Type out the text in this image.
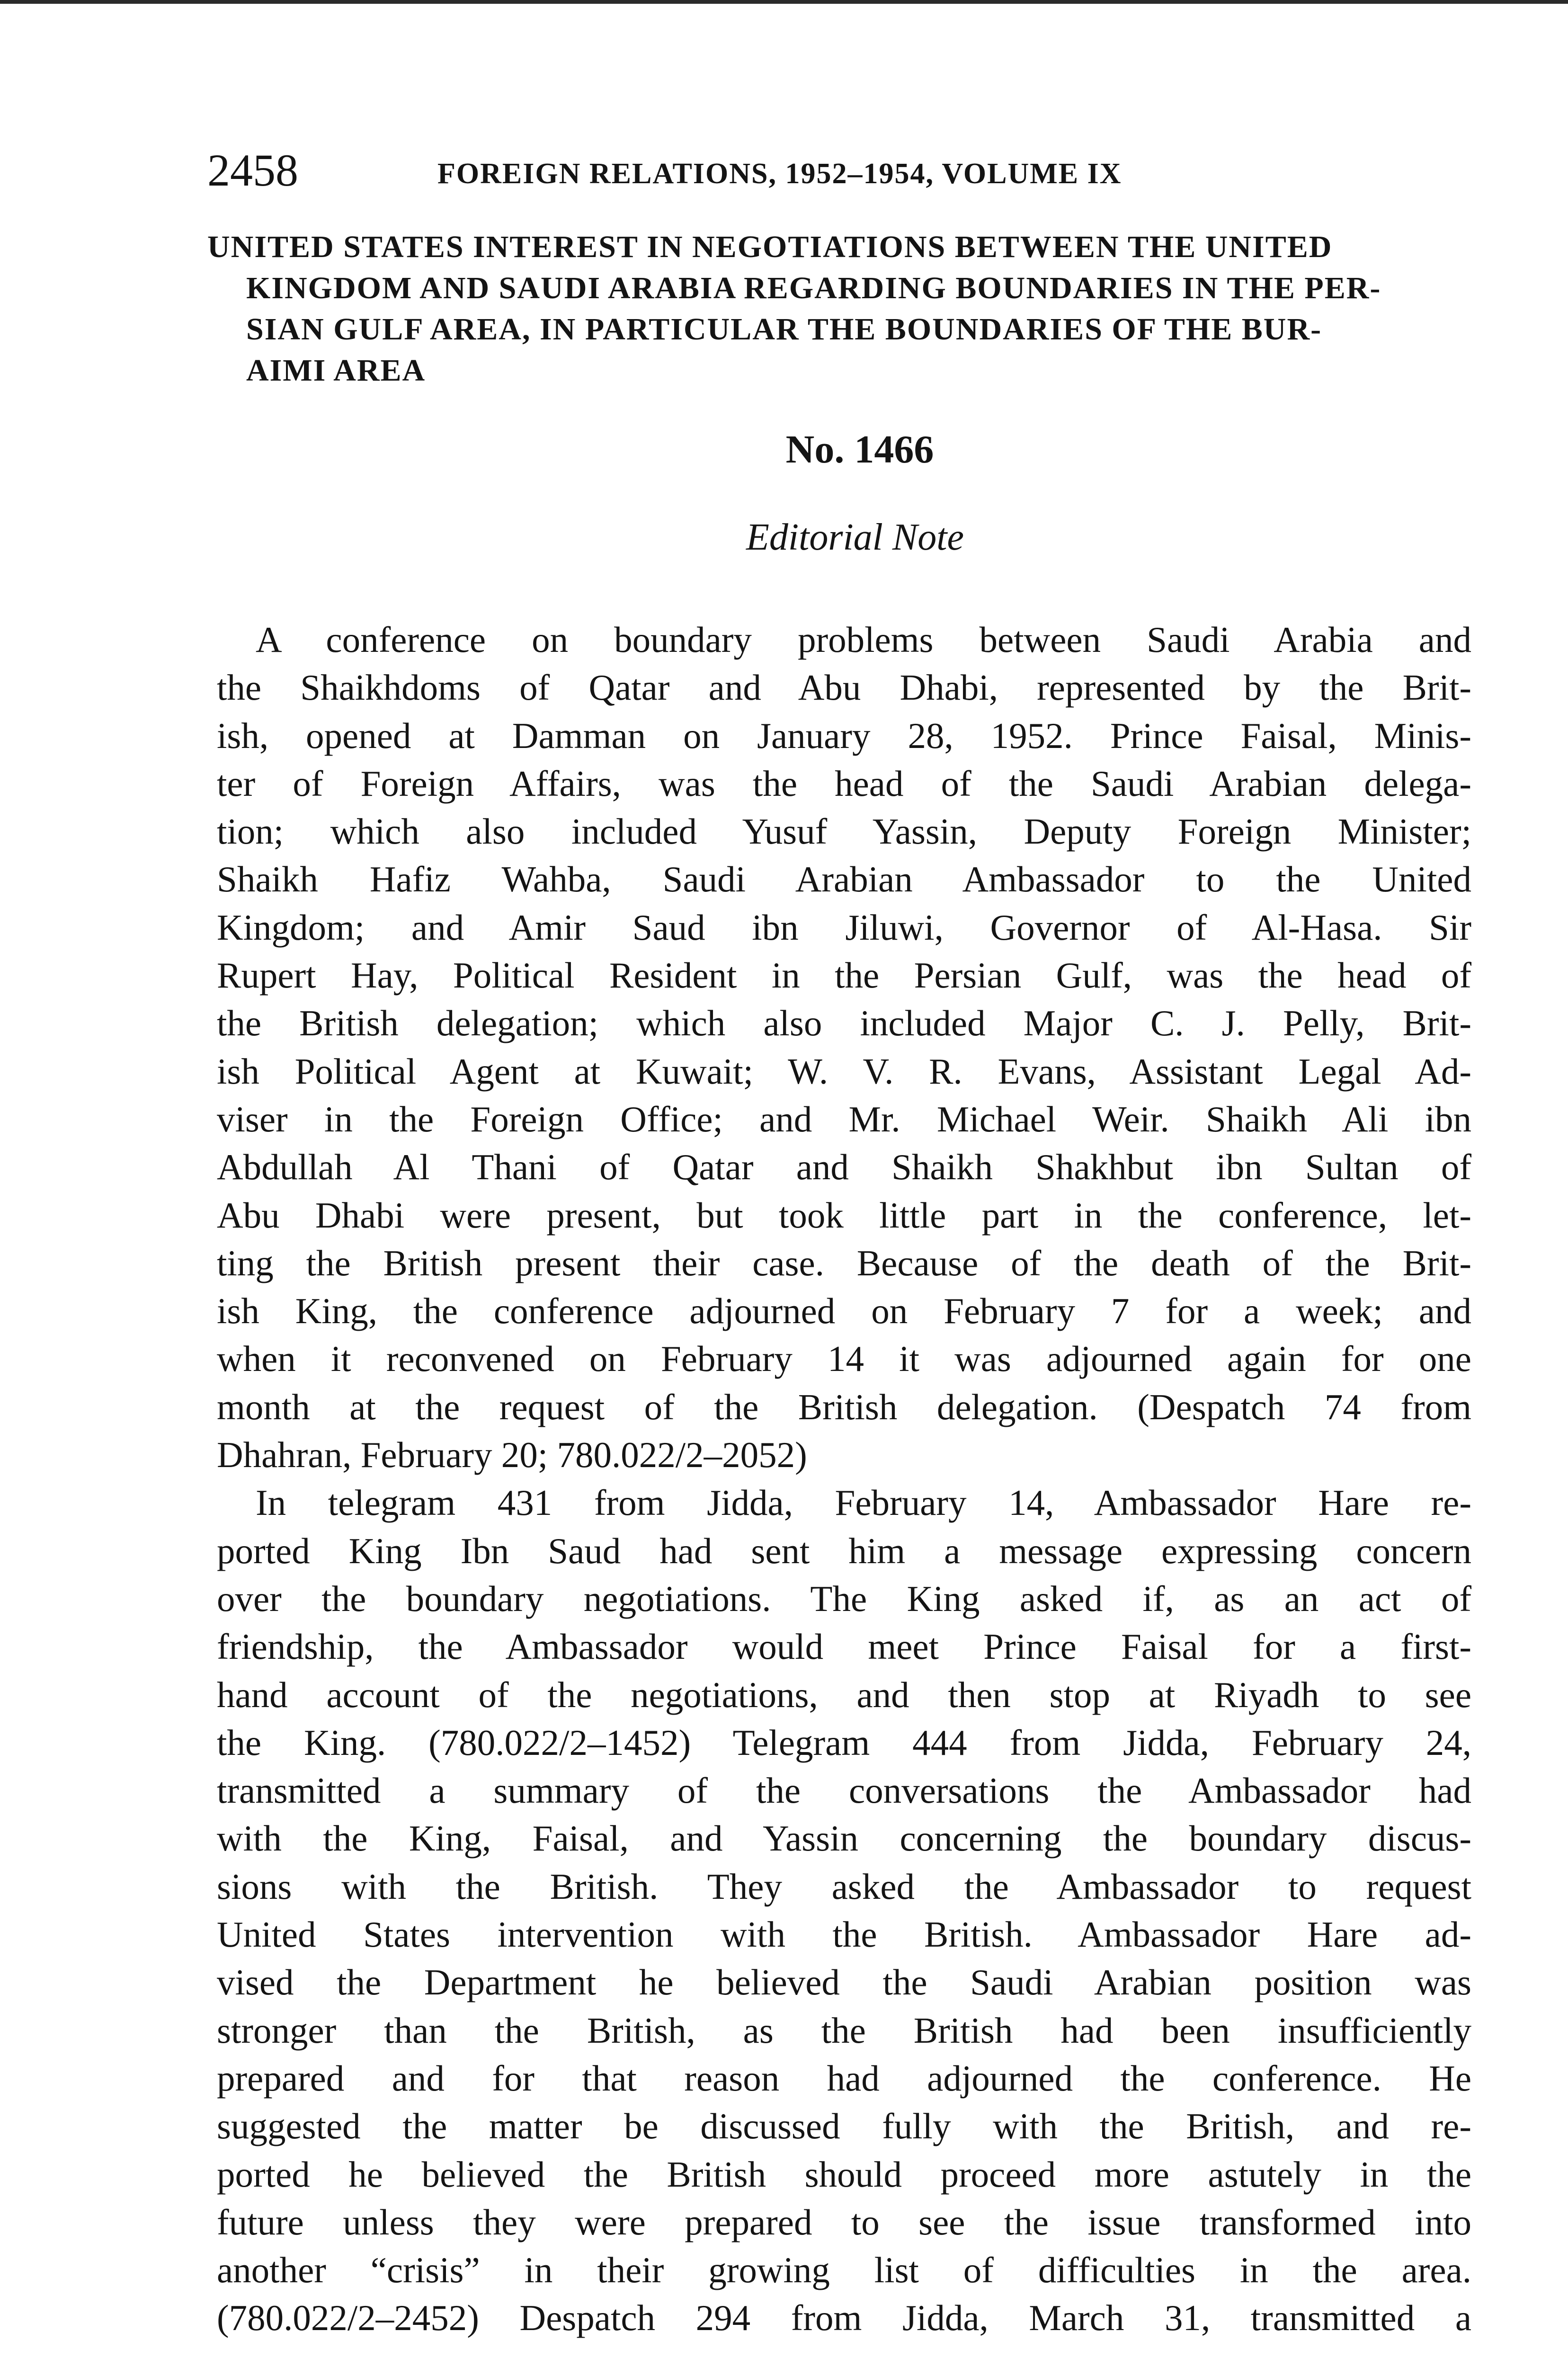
2458	FOREIGN RELATIONS, 1952–1954, VOLUME IX
UNITED STATES INTEREST IN NEGOTIATIONS BETWEEN THE UNITED
KINGDOM AND SAUDI ARABIA REGARDING BOUNDARIES IN THE PER-
SIAN GULF AREA, IN PARTICULAR THE BOUNDARIES OF THE BUR-
AIMI AREA
No. 1466
Editorial Note
A conference on boundary problems between Saudi Arabia and
the Shaikhdoms of Qatar and Abu Dhabi, represented by the Brit-
ish, opened at Damman on January 28, 1952. Prince Faisal, Minis-
ter of Foreign Affairs, was the head of the Saudi Arabian delega-
tion; which also included Yusuf Yassin, Deputy Foreign Minister;
Shaikh Hafiz Wahba, Saudi Arabian Ambassador to the United
Kingdom; and Amir Saud ibn Jiluwi, Governor of Al-Hasa. Sir
Rupert Hay, Political Resident in the Persian Gulf, was the head of
the British delegation; which also included Major C. J. Pelly, Brit-
ish Political Agent at Kuwait; W. V. R. Evans, Assistant Legal Ad-
viser in the Foreign Office; and Mr. Michael Weir. Shaikh Ali ibn
Abdullah Al Thani of Qatar and Shaikh Shakhbut ibn Sultan of
Abu Dhabi were present, but took little part in the conference, let-
ting the British present their case. Because of the death of the Brit-
ish King, the conference adjourned on February 7 for a week; and
when it reconvened on February 14 it was adjourned again for one
month at the request of the British delegation. (Despatch 74 from
Dhahran, February 20; 780.022/2–2052)
In telegram 431 from Jidda, February 14, Ambassador Hare re-
ported King Ibn Saud had sent him a message expressing concern
over the boundary negotiations. The King asked if, as an act of
friendship, the Ambassador would meet Prince Faisal for a first-
hand account of the negotiations, and then stop at Riyadh to see
the King. (780.022/2–1452) Telegram 444 from Jidda, February 24,
transmitted a summary of the conversations the Ambassador had
with the King, Faisal, and Yassin concerning the boundary discus-
sions with the British. They asked the Ambassador to request
United States intervention with the British. Ambassador Hare ad-
vised the Department he believed the Saudi Arabian position was
stronger than the British, as the British had been insufficiently
prepared and for that reason had adjourned the conference. He
suggested the matter be discussed fully with the British, and re-
ported he believed the British should proceed more astutely in the
future unless they were prepared to see the issue transformed into
another “crisis” in their growing list of difficulties in the area.
(780.022/2–2452) Despatch 294 from Jidda, March 31, transmitted a
